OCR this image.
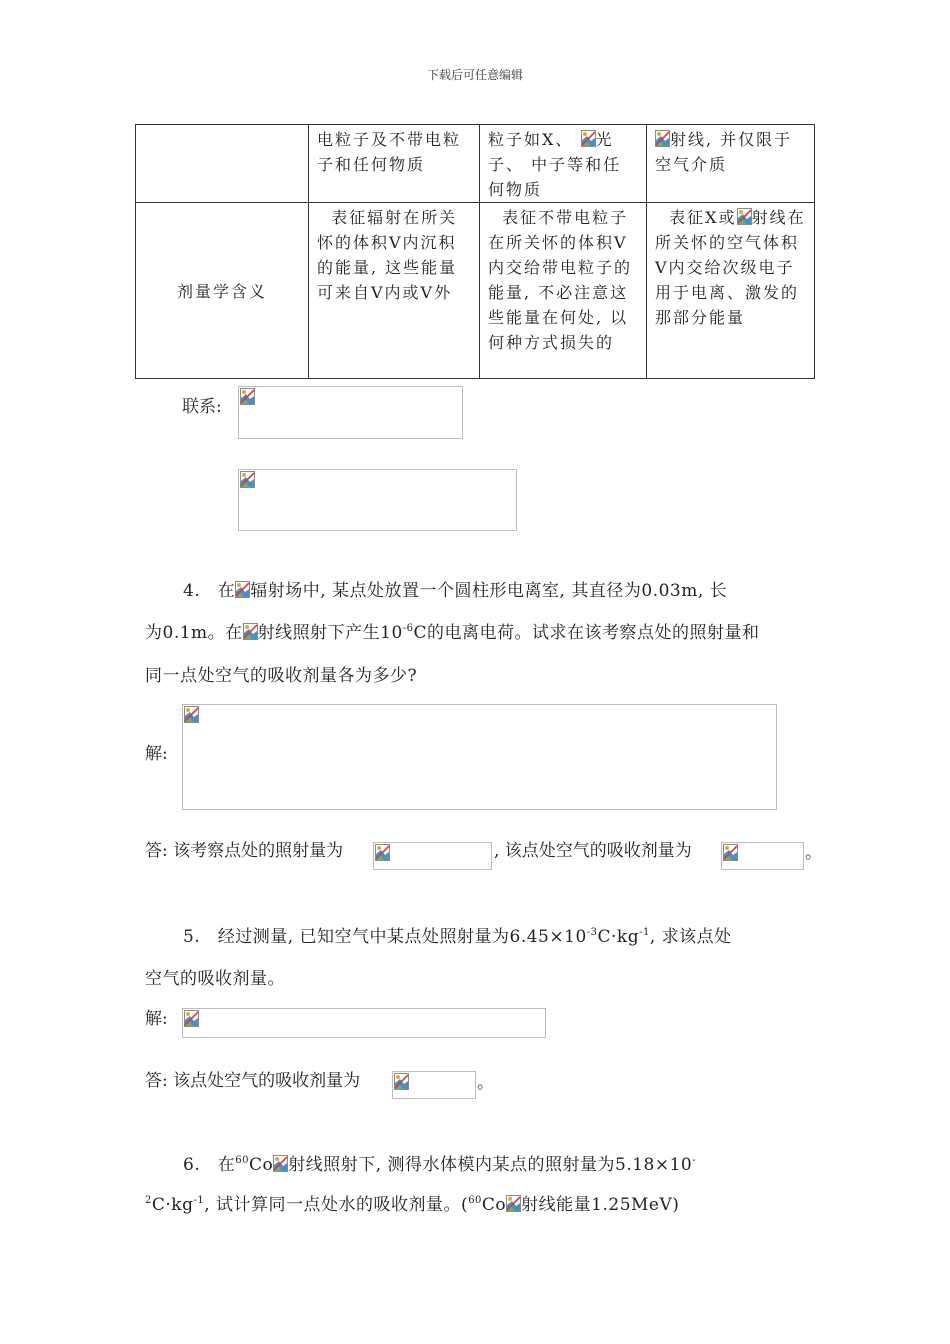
下载后可任意编辑
	电粒子及不带电粒子和任何物质	粒子如X、 光子、 中子等和任何物质	射线, 并仅限于空气介质
剂量学含义	表征辐射在所关怀的体积V内沉积的能量, 这些能量可来自V内或V外	表征不带电粒子在所关怀的体积V内交给带电粒子的能量, 不必注意这些能量在何处, 以何种方式损失的	表征X或 射线在所关怀的空气体积V内交给次级电子用于电离、激发的那部分能量
联系:
4.　在 辐射场中, 某点处放置一个圆柱形电离室, 其直径为0.03m, 长
为0.1m。在 射线照射下产生$10^{-6}C$的电离电荷。试求在该考察点处的照射量和
同一点处空气的吸收剂量各为多少?
解:
答: 该考察点处的照射量为	, 该点处空气的吸收剂量为	。
5.　经过测量, 已知空气中某点处照射量为$6.45\times 10^{-3}C\cdot kg^{-1}$, 求该点处
空气的吸收剂量。
解:
答: 该点处空气的吸收剂量为	。
6.　在$^{60}$Co 射线照射下, 测得水体模内某点的照射量为5.18×10-
$^2C\cdot kg^{-1}$, 试计算同一点处水的吸收剂量。($^{60}$Co 射线能量1.25MeV)
